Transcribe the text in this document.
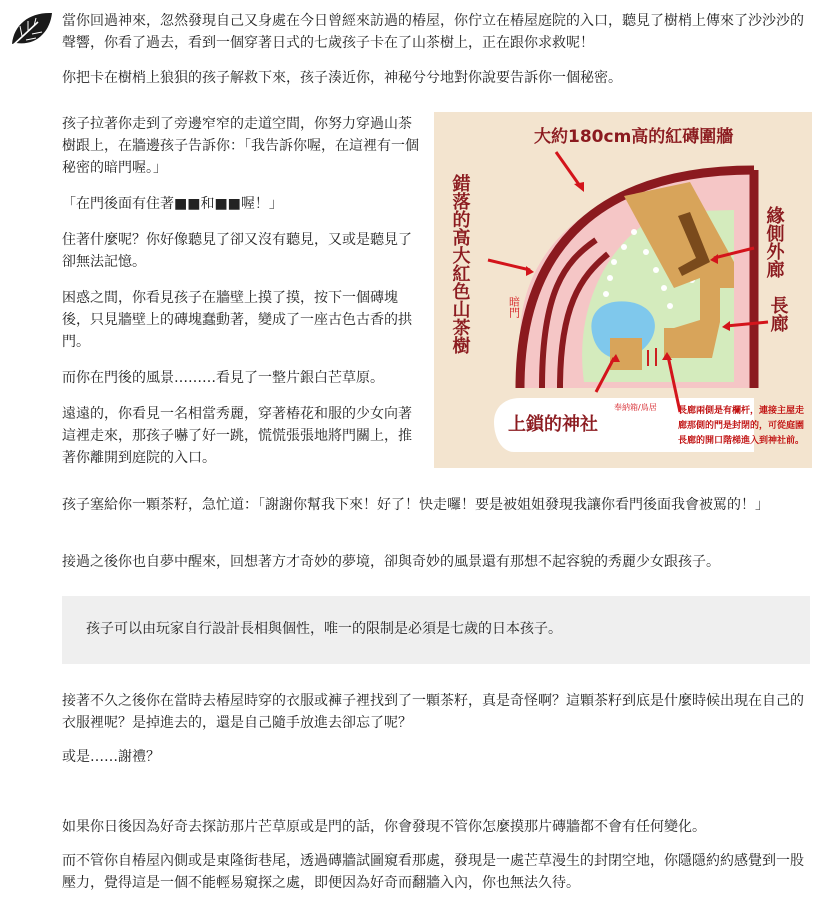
當你回過神來，忽然發現自己又身處在今日曾經來訪過的椿屋，你佇立在椿屋庭院的入口，聽見了樹梢上傳來了沙沙沙的聲響，你看了過去，看到一個穿著日式的七歲孩子卡在了山茶樹上，正在跟你求救呢！

你把卡在樹梢上狼狽的孩子解救下來，孩子湊近你，神秘兮兮地對你說要告訴你一個秘密。

孩子拉著你走到了旁邊窄窄的走道空間，你努力穿過山茶樹跟上，在牆邊孩子告訴你：「我告訴你喔，在這裡有一個秘密的暗門喔。」

「在門後面有住著■■和■■喔！」

住著什麼呢？你好像聽見了卻又沒有聽見，又或是聽見了卻無法記憶。

困惑之間，你看見孩子在牆壁上摸了摸，按下一個磚塊後，只見牆壁上的磚塊蠢動著，變成了一座古色古香的拱門。

而你在門後的風景………看見了一整片銀白芒草原。

遠遠的，你看見一名相當秀麗，穿著椿花和服的少女向著這裡走來，那孩子嚇了好一跳，慌慌張張地將門關上，推著你離開到庭院的入口。

大約180cm高的紅磚圍牆
錯落的高大紅色山茶樹	緣側外廊
長廊
暗門
上鎖的神社
奉納箱/鳥居 長廊兩側是有欄杆，連接主屋走廊那側的門是封閉的，可從庭園長廊的開口階梯進入到神社前。

孩子塞給你一顆茶籽，急忙道：「謝謝你幫我下來！好了！快走囉！要是被姐姐發現我讓你看門後面我會被罵的！」

接過之後你也自夢中醒來，回想著方才奇妙的夢境，卻與奇妙的風景還有那想不起容貌的秀麗少女跟孩子。

孩子可以由玩家自行設計長相與個性，唯一的限制是必須是七歲的日本孩子。

接著不久之後你在當時去椿屋時穿的衣服或褲子裡找到了一顆茶籽，真是奇怪啊？這顆茶籽到底是什麼時候出現在自己的衣服裡呢？是掉進去的，還是自己隨手放進去卻忘了呢？

或是……謝禮？

如果你日後因為好奇去探訪那片芒草原或是門的話，你會發現不管你怎麼摸那片磚牆都不會有任何變化。

而不管你自椿屋內側或是東隆街巷尾，透過磚牆試圖窺看那處，發現是一處芒草漫生的封閉空地，你隱隱約約感覺到一股壓力，覺得這是一個不能輕易窺探之處，即便因為好奇而翻牆入內，你也無法久待。
